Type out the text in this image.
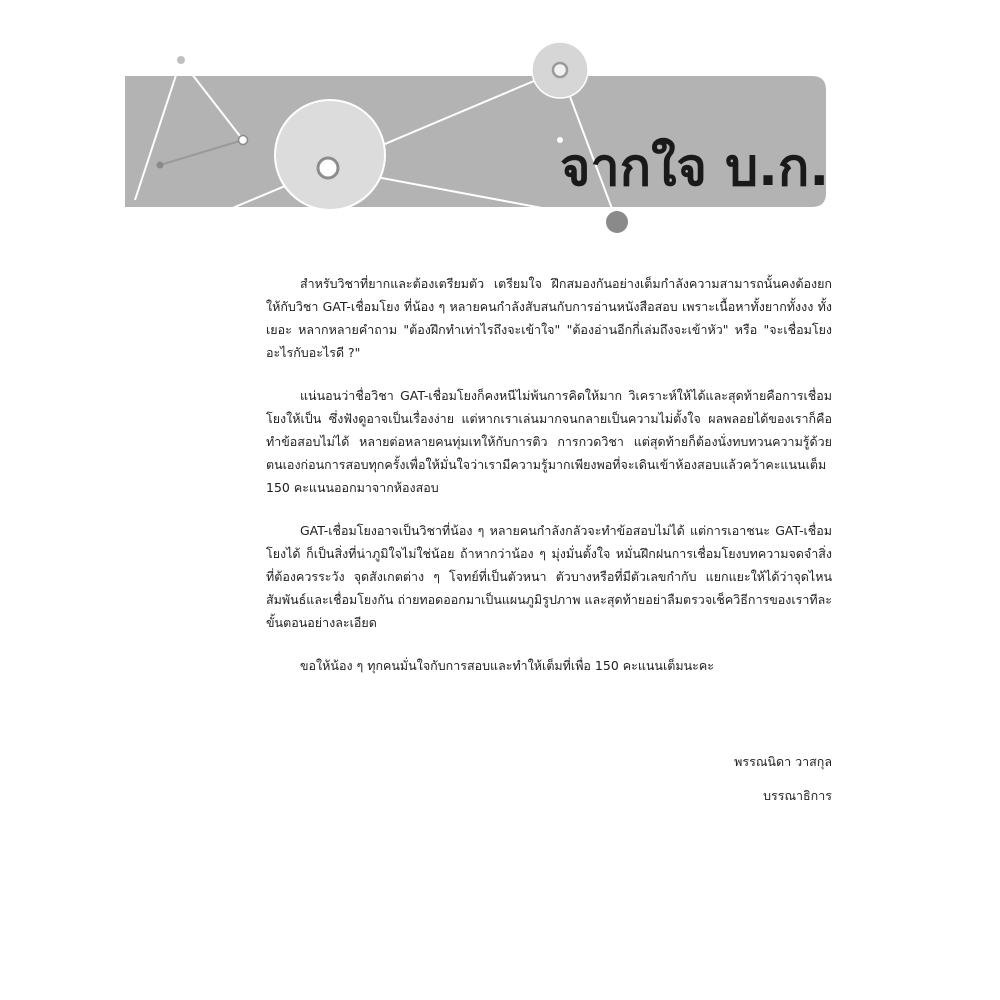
จากใจ บ.ก.

สำหรับวิชาที่ยากและต้องเตรียมตัว เตรียมใจ ฝึกสมองกันอย่างเต็มกำลังความสามารถนั้นคงต้องยกให้กับวิชา GAT-เชื่อมโยง ที่น้อง ๆ หลายคนกำลังสับสนกับการอ่านหนังสือสอบ เพราะเนื้อหาทั้งยากทั้งงง ทั้งเยอะ หลากหลายคำถาม "ต้องฝึกทำเท่าไรถึงจะเข้าใจ" "ต้องอ่านอีกกี่เล่มถึงจะเข้าหัว" หรือ "จะเชื่อมโยงอะไรกับอะไรดี ?"

แน่นอนว่าชื่อวิชา GAT-เชื่อมโยงก็คงหนีไม่พ้นการคิดให้มาก วิเคราะห์ให้ได้และสุดท้ายคือการเชื่อมโยงให้เป็น ซึ่งฟังดูอาจเป็นเรื่องง่าย แต่หากเราเล่นมากจนกลายเป็นความไม่ตั้งใจ ผลพลอยได้ของเราก็คือทำข้อสอบไม่ได้ หลายต่อหลายคนทุ่มเทให้กับการติว การกวดวิชา แต่สุดท้ายก็ต้องนั่งทบทวนความรู้ด้วยตนเองก่อนการสอบทุกครั้งเพื่อให้มั่นใจว่าเรามีความรู้มากเพียงพอที่จะเดินเข้าห้องสอบแล้วคว้าคะแนนเต็ม 150 คะแนนออกมาจากห้องสอบ

GAT-เชื่อมโยงอาจเป็นวิชาที่น้อง ๆ หลายคนกำลังกลัวจะทำข้อสอบไม่ได้ แต่การเอาชนะ GAT-เชื่อมโยงได้ ก็เป็นสิ่งที่น่าภูมิใจไม่ใช่น้อย ถ้าหากว่าน้อง ๆ มุ่งมั่นตั้งใจ หมั่นฝึกฝนการเชื่อมโยงบทความจดจำสิ่งที่ต้องควรระวัง จุดสังเกตต่าง ๆ โจทย์ที่เป็นตัวหนา ตัวบางหรือที่มีตัวเลขกำกับ แยกแยะให้ได้ว่าจุดไหนสัมพันธ์และเชื่อมโยงกัน ถ่ายทอดออกมาเป็นแผนภูมิรูปภาพ และสุดท้ายอย่าลืมตรวจเช็ควิธีการของเราทีละขั้นตอนอย่างละเอียด

ขอให้น้อง ๆ ทุกคนมั่นใจกับการสอบและทำให้เต็มที่เพื่อ 150 คะแนนเต็มนะคะ

พรรณนิดา วาสกุล
บรรณาธิการ
